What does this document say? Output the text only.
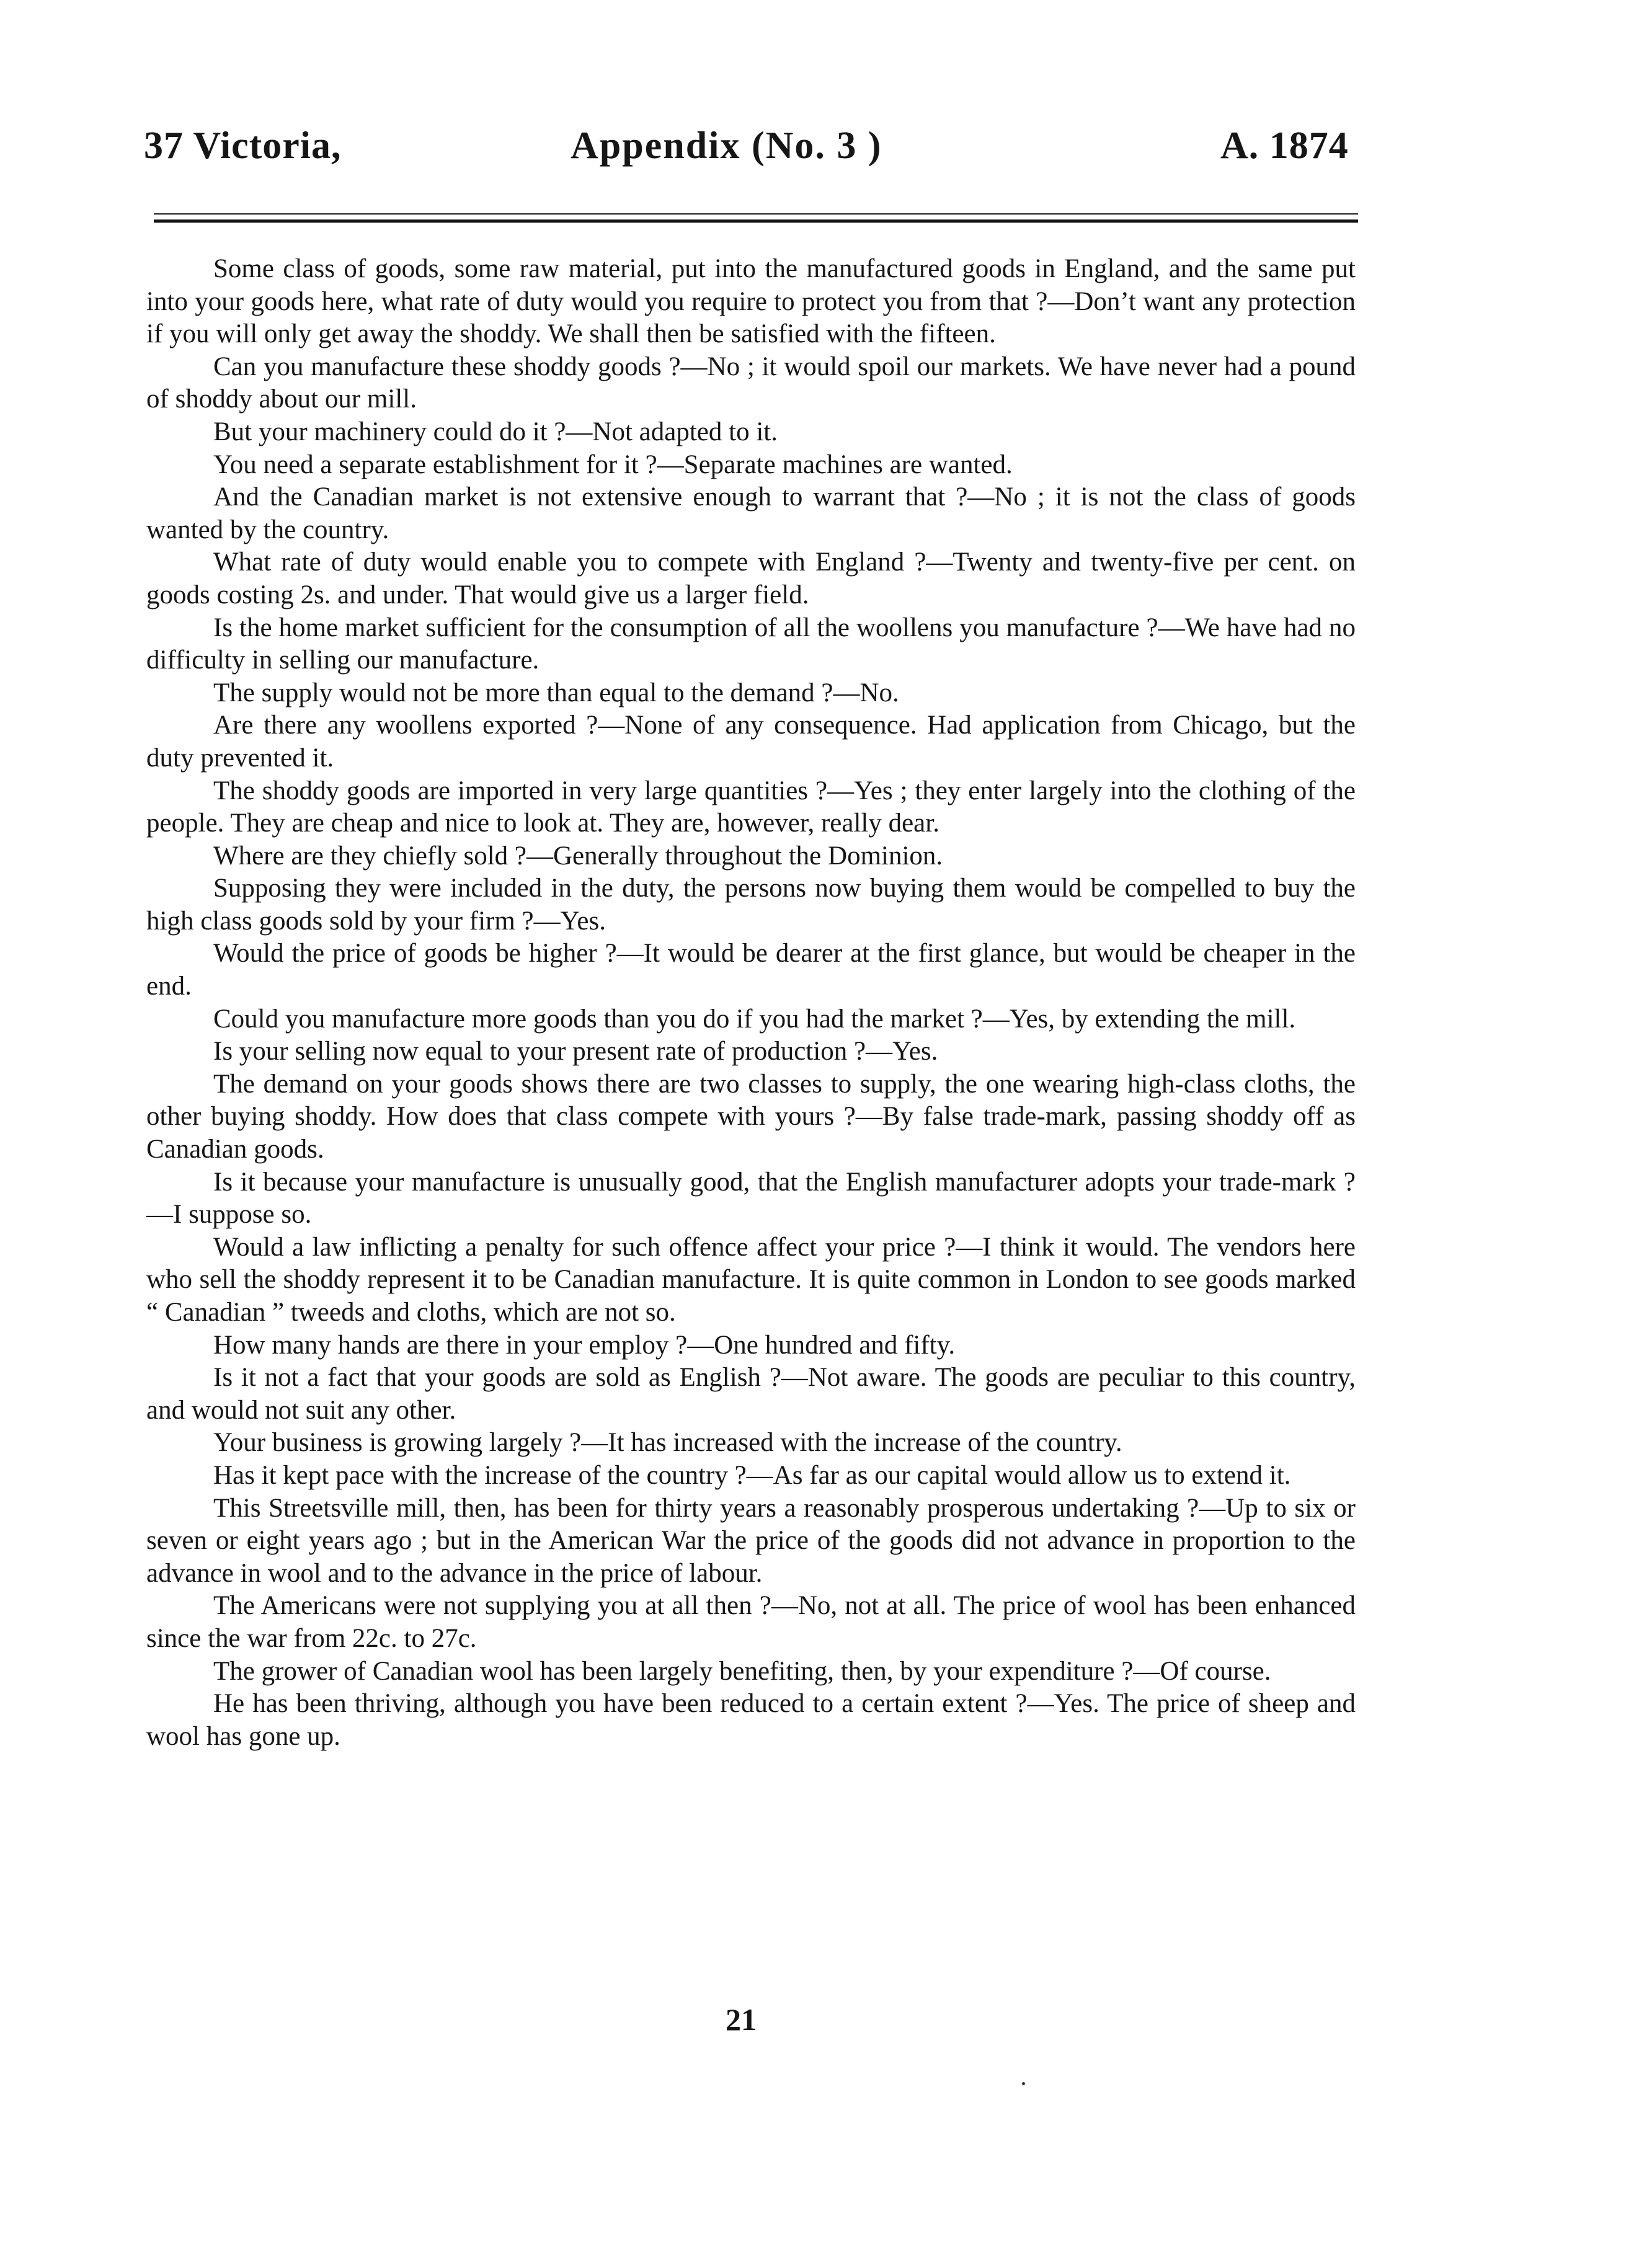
37 Victoria,	Appendix (No. 3 )	A. 1874

Some class of goods, some raw material, put into the manufactured goods in England, and the same put into your goods here, what rate of duty would you require to protect you from that ?—Don’t want any protection if you will only get away the shoddy. We shall then be satisfied with the fifteen.

Can you manufacture these shoddy goods ?—No ; it would spoil our markets. We have never had a pound of shoddy about our mill.

But your machinery could do it ?—Not adapted to it.

You need a separate establishment for it ?—Separate machines are wanted.

And the Canadian market is not extensive enough to warrant that ?—No ; it is not the class of goods wanted by the country.

What rate of duty would enable you to compete with England ?—Twenty and twenty-five per cent. on goods costing 2s. and under. That would give us a larger field.

Is the home market sufficient for the consumption of all the woollens you manufacture ?—We have had no difficulty in selling our manufacture.

The supply would not be more than equal to the demand ?—No.

Are there any woollens exported ?—None of any consequence. Had application from Chicago, but the duty prevented it.

The shoddy goods are imported in very large quantities ?—Yes ; they enter largely into the clothing of the people. They are cheap and nice to look at. They are, however, really dear.

Where are they chiefly sold ?—Generally throughout the Dominion.

Supposing they were included in the duty, the persons now buying them would be compelled to buy the high class goods sold by your firm ?—Yes.

Would the price of goods be higher ?—It would be dearer at the first glance, but would be cheaper in the end.

Could you manufacture more goods than you do if you had the market ?—Yes, by extending the mill.

Is your selling now equal to your present rate of production ?—Yes.

The demand on your goods shows there are two classes to supply, the one wearing high-class cloths, the other buying shoddy. How does that class compete with yours ?—By false trade-mark, passing shoddy off as Canadian goods.

Is it because your manufacture is unusually good, that the English manufacturer adopts your trade-mark ?—I suppose so.

Would a law inflicting a penalty for such offence affect your price ?—I think it would. The vendors here who sell the shoddy represent it to be Canadian manufacture. It is quite common in London to see goods marked “ Canadian ” tweeds and cloths, which are not so.

How many hands are there in your employ ?—One hundred and fifty.

Is it not a fact that your goods are sold as English ?—Not aware. The goods are peculiar to this country, and would not suit any other.

Your business is growing largely ?—It has increased with the increase of the country.

Has it kept pace with the increase of the country ?—As far as our capital would allow us to extend it.

This Streetsville mill, then, has been for thirty years a reasonably prosperous undertaking ?—Up to six or seven or eight years ago ; but in the American War the price of the goods did not advance in proportion to the advance in wool and to the advance in the price of labour.

The Americans were not supplying you at all then ?—No, not at all. The price of wool has been enhanced since the war from 22c. to 27c.

The grower of Canadian wool has been largely benefiting, then, by your expenditure ?—Of course.

He has been thriving, although you have been reduced to a certain extent ?—Yes. The price of sheep and wool has gone up.

21
